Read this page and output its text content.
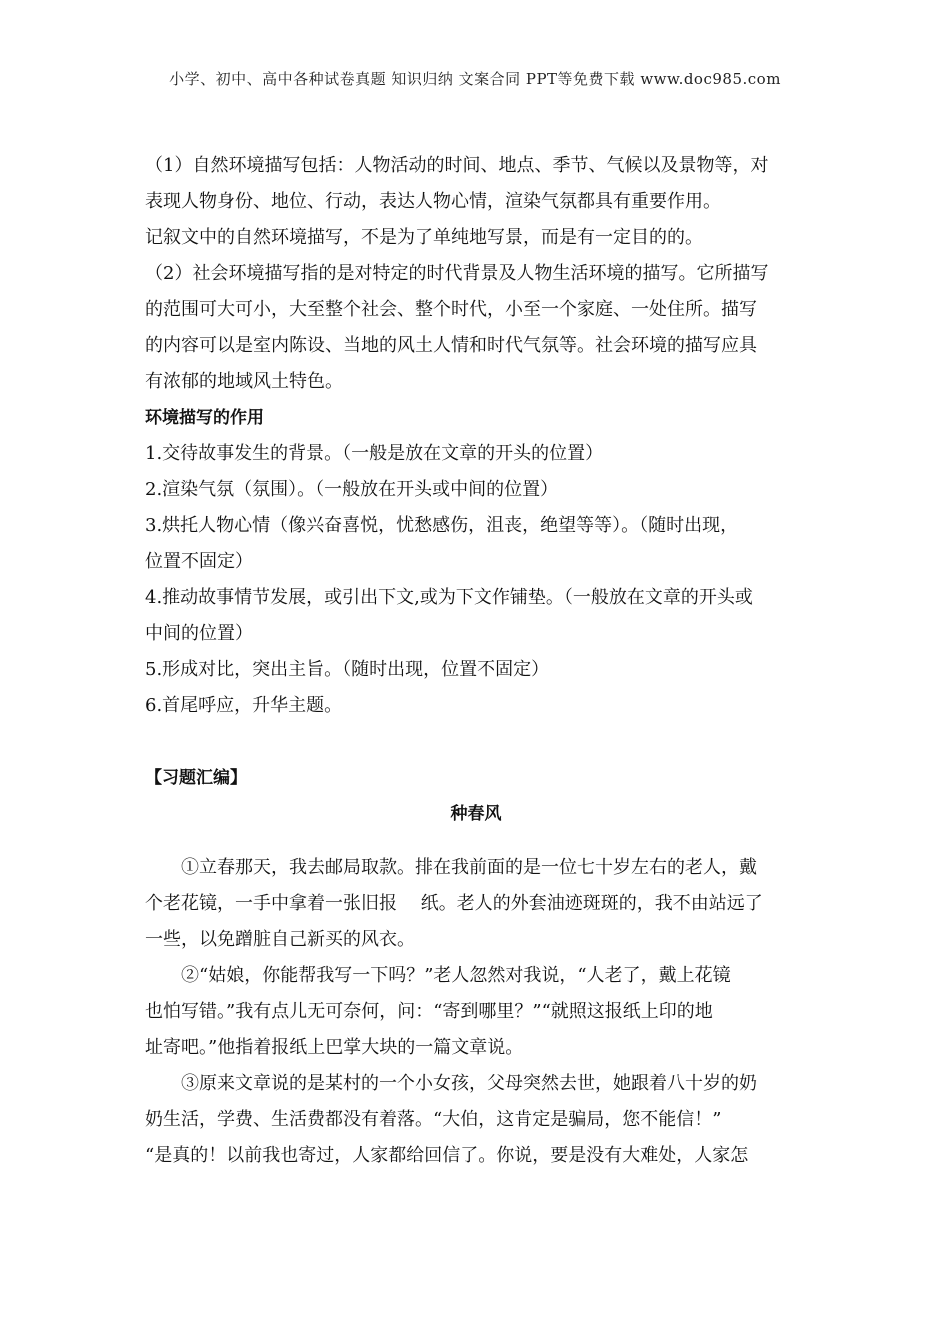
小学、初中、高中各种试卷真题 知识归纳 文案合同 PPT等免费下载 www.doc985.com

（1）自然环境描写包括：人物活动的时间、地点、季节、气候以及景物等，对

表现人物身份、地位、行动，表达人物心情，渲染气氛都具有重要作用。

记叙文中的自然环境描写，不是为了单纯地写景，而是有一定目的的。

（2）社会环境描写指的是对特定的时代背景及人物生活环境的描写。它所描写

的范围可大可小，大至整个社会、整个时代，小至一个家庭、一处住所。描写

的内容可以是室内陈设、当地的风土人情和时代气氛等。社会环境的描写应具

有浓郁的地域风土特色。

环境描写的作用

1.交待故事发生的背景。（一般是放在文章的开头的位置）

2.渲染气氛（氛围）。（一般放在开头或中间的位置）

3.烘托人物心情（像兴奋喜悦，忧愁感伤，沮丧，绝望等等）。（随时出现，

位置不固定）

4.推动故事情节发展，或引出下文,或为下文作铺垫。（一般放在文章的开头或

中间的位置）

5.形成对比，突出主旨。（随时出现，位置不固定）

6.首尾呼应，升华主题。

【习题汇编】

种春风

①立春那天，我去邮局取款。排在我前面的是一位七十岁左右的老人，戴

个老花镜，一手中拿着一张旧报　 纸。老人的外套油迹斑斑的，我不由站远了

一些，以免蹭脏自己新买的风衣。

②“姑娘，你能帮我写一下吗？”老人忽然对我说，“人老了，戴上花镜

也怕写错。”我有点儿无可奈何，问：“寄到哪里？”“就照这报纸上印的地

址寄吧。”他指着报纸上巴掌大块的一篇文章说。

③原来文章说的是某村的一个小女孩，父母突然去世，她跟着八十岁的奶

奶生活，学费、生活费都没有着落。“大伯，这肯定是骗局，您不能信！”

“是真的！以前我也寄过，人家都给回信了。你说，要是没有大难处，人家怎
